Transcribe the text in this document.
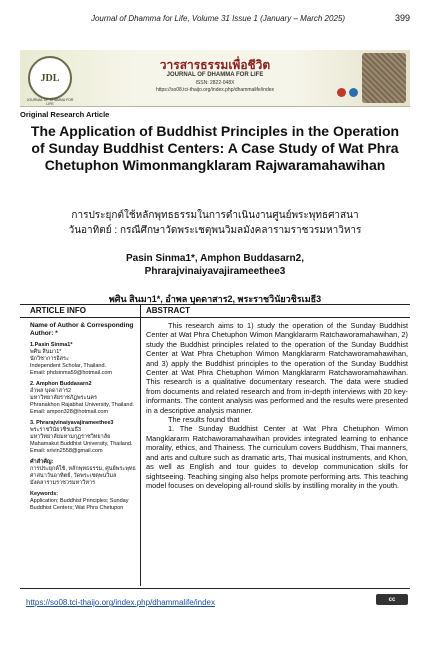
Journal of Dhamma for Life, Volume 31 Issue 1 (January – March 2025)	399
JDL
JOURNAL OF DHAMMA FOR LIFE
วารสารธรรมเพื่อชีวิต
JOURNAL OF DHAMMA FOR LIFE
ISSN: 2822-048X
https://so08.tci-thaijo.org/index.php/dhammalife/index
Original Research Article
The Application of Buddhist Principles in the Operation of Sunday Buddhist Centers: A Case Study of Wat Phra Chetuphon Wimonmangklaram Rajwaramahawihan
การประยุกต์ใช้หลักพุทธธรรมในการดำเนินงานศูนย์พระพุทธศาสนา
วันอาทิตย์ : กรณีศึกษาวัดพระเชตุพนวิมลมังคลารามราชวรมหาวิหาร
Pasin Sinma1*, Amphon Buddasarn2,
Phrarajvinaiyavajirameethee3
พศิน สินมา1*, อำพล บุดดาสาร2, พระราชวินัยวชิรเมธี3
ARTICLE INFO	ABSTRACT

Name of Author & Corresponding Author: *

1.Pasin Sinma1*
พศิน สินมา1*
นักวิชาการอิสระ
Independent Scholar, Thailand.
Email: phdsinma59@hotmail.com

2. Amphon Buddasarn2
อำพล บุดดาสาร2
มหาวิทยาลัยราชภัฏพระนคร
Phranakhon Rajabhat University, Thailand.
Email: ampon328@hotmail.com

3. Phrarajvinaiyavajirameethee3
พระราชวินัยวชิรเมธี3
มหาวิทยาลัยมหามกุฏราชวิทยาลัย
Mahamakut Buddhist University, Thailand.
Email: srivin2558@gmail.com

คำสำคัญ:
การประยุกต์ใช้, หลักพุทธธรรม, ศูนย์พระพุทธศาสนาวันอาทิตย์, วัดพระเชตุพนวิมลมังคลารามราชวรมหาวิหาร

Keywords:
Application; Buddhist Principles; Sunday Buddhist Centers; Wat Phra Chetupon

This research aims to 1) study the operation of the Sunday Buddhist Center at Wat Phra Chetuphon Wimon Mangklararm Ratchaworamahawihan, 2) study the Buddhist principles related to the operation of the Sunday Buddhist Center at Wat Phra Chetuphon Wimon Mangklararm Ratchaworamahawihan, and 3) apply the Buddhist principles to the operation of the Sunday Buddhist Center at Wat Phra Chetuphon Wimon Mangklararm Ratchaworamahawihan. This research is a qualitative documentary research. The data were studied from documents and related research and from in-depth interviews with 20 key-informants. The content analysis was performed and the results were presented in a descriptive analysis manner.

The results found that

1. The Sunday Buddhist Center at Wat Phra Chetuphon Wimon Mangklararm Ratchaworamahawihan provides integrated learning to enhance morality, ethics, and Thainess. The curriculum covers Buddhism, Thai manners, and arts and culture such as dramatic arts, Thai musical instruments, and Khon, as well as English and tour guides to develop communication skills for sightseeing. Teaching singing also helps promote performing arts. This teaching model focuses on developing all-round skills by instilling morality in the youth.

https://so08.tci-thaijo.org/index.php/dhammalife/index	cc
